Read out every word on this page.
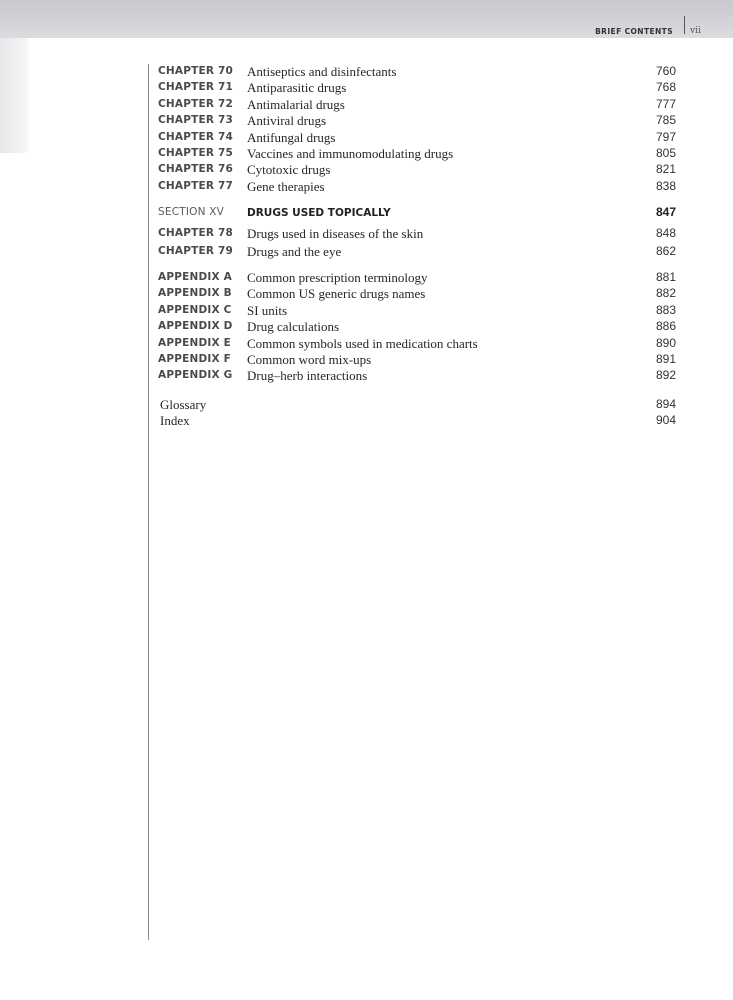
BRIEF CONTENTS vii
CHAPTER 70 Antiseptics and disinfectants	760
CHAPTER 71 Antiparasitic drugs	768
CHAPTER 72 Antimalarial drugs	777
CHAPTER 73 Antiviral drugs	785
CHAPTER 74 Antifungal drugs	797
CHAPTER 75 Vaccines and immunomodulating drugs	805
CHAPTER 76 Cytotoxic drugs	821
CHAPTER 77 Gene therapies	838
SECTION XV DRUGS USED TOPICALLY	847
CHAPTER 78 Drugs used in diseases of the skin	848
CHAPTER 79 Drugs and the eye	862
APPENDIX A Common prescription terminology	881
APPENDIX B Common US generic drugs names	882
APPENDIX C SI units	883
APPENDIX D Drug calculations	886
APPENDIX E Common symbols used in medication charts	890
APPENDIX F Common word mix-ups	891
APPENDIX G Drug–herb interactions	892
Glossary	894
Index	904
